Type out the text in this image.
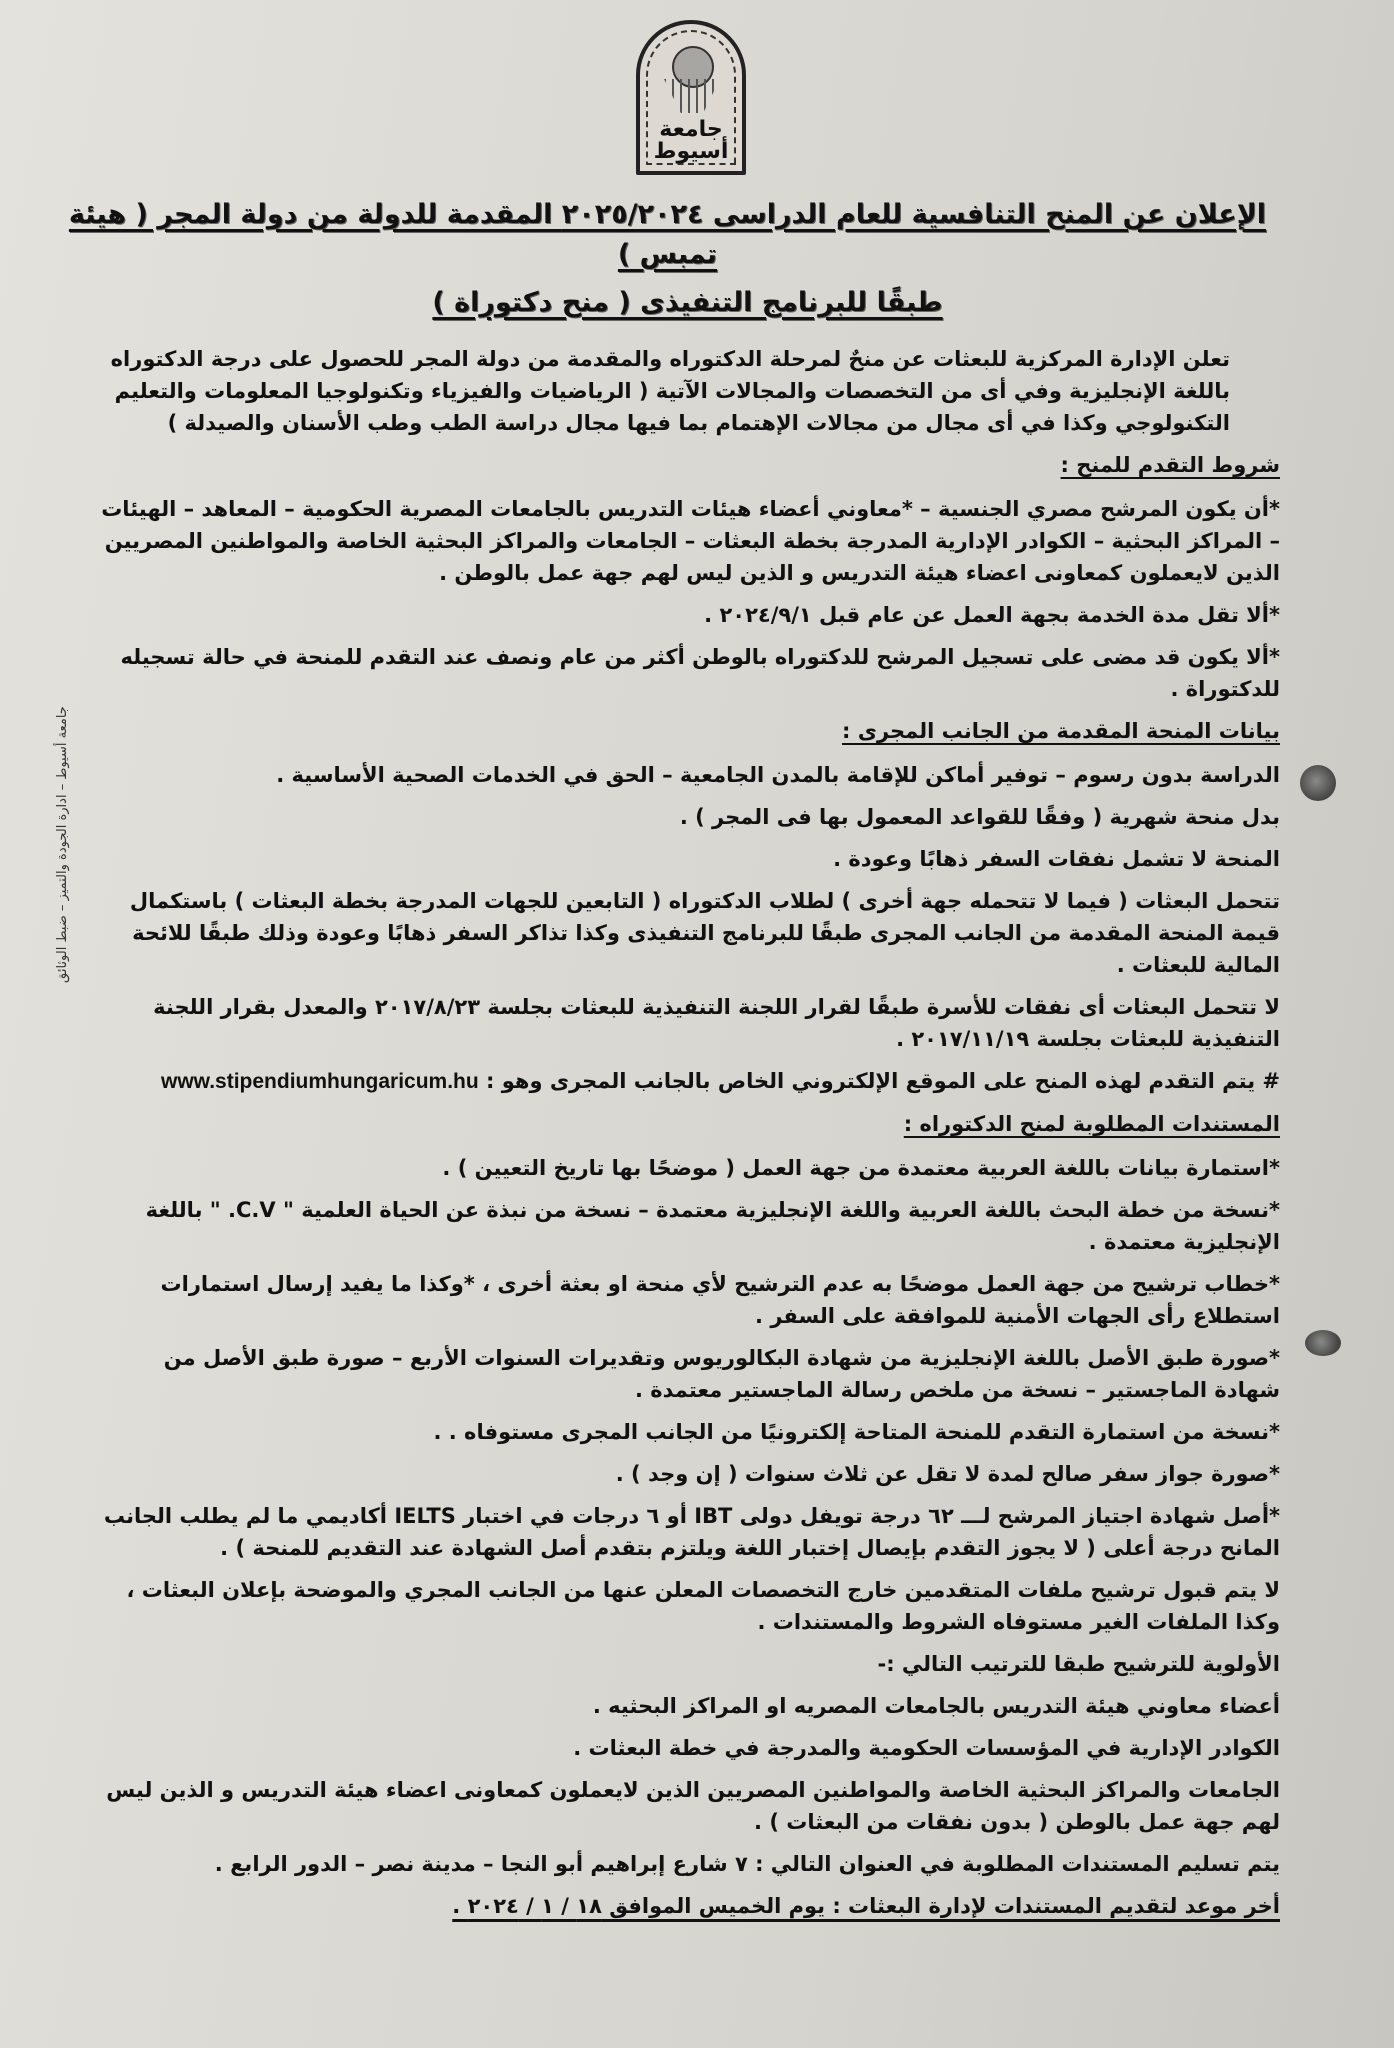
جامعة أسيوط
جامعة أسيوط – ادارة الجودة والتميز – ضبط الوثائق
الإعلان عن المنح التنافسية للعام الدراسى ٢٠٢٥/٢٠٢٤ المقدمة للدولة من دولة المجر ( هيئة تمبس )
طبقًا للبرنامج التنفيذى ( منح دكتوراة )

تعلن الإدارة المركزية للبعثات عن منحٌ لمرحلة الدكتوراه والمقدمة من دولة المجر للحصول على درجة الدكتوراه باللغة الإنجليزية وفي أى من التخصصات والمجالات الآتية ( الرياضيات والفيزياء وتكنولوجيا المعلومات والتعليم التكنولوجي وكذا في أى مجال من مجالات الإهتمام بما فيها مجال دراسة الطب وطب الأسنان والصيدلة )

شروط التقدم للمنح :

*أن يكون المرشح مصري الجنسية – *معاوني أعضاء هيئات التدريس بالجامعات المصرية الحكومية – المعاهد – الهيئات – المراكز البحثية – الكوادر الإدارية المدرجة بخطة البعثات – الجامعات والمراكز البحثية الخاصة والمواطنين المصريين الذين لايعملون كمعاونى اعضاء هيئة التدريس و الذين ليس لهم جهة عمل بالوطن .

*ألا تقل مدة الخدمة بجهة العمل عن عام قبل ٢٠٢٤/٩/١ .

*ألا يكون قد مضى على تسجيل المرشح للدكتوراه بالوطن أكثر من عام ونصف عند التقدم للمنحة في حالة تسجيله للدكتوراة .

بيانات المنحة المقدمة من الجانب المجرى :

الدراسة بدون رسوم – توفير أماكن للإقامة بالمدن الجامعية – الحق في الخدمات الصحية الأساسية .

بدل منحة شهرية ( وفقًا للقواعد المعمول بها فى المجر ) .

المنحة لا تشمل نفقات السفر ذهابًا وعودة .

تتحمل البعثات ( فيما لا تتحمله جهة أخرى ) لطلاب الدكتوراه ( التابعين للجهات المدرجة بخطة البعثات ) باستكمال قيمة المنحة المقدمة من الجانب المجرى طبقًا للبرنامج التنفيذى وكذا تذاكر السفر ذهابًا وعودة وذلك طبقًا للائحة المالية للبعثات .

لا تتحمل البعثات أى نفقات للأسرة طبقًا لقرار اللجنة التنفيذية للبعثات بجلسة ٢٠١٧/٨/٢٣ والمعدل بقرار اللجنة التنفيذية للبعثات بجلسة ٢٠١٧/١١/١٩ .

# يتم التقدم لهذه المنح على الموقع الإلكتروني الخاص بالجانب المجرى وهو : www.stipendiumhungaricum.hu

المستندات المطلوبة لمنح الدكتوراه :

*استمارة بيانات باللغة العربية معتمدة من جهة العمل ( موضحًا بها تاريخ التعيين ) .

*نسخة من خطة البحث باللغة العربية واللغة الإنجليزية معتمدة – نسخة من نبذة عن الحياة العلمية " C.V. " باللغة الإنجليزية معتمدة .

*خطاب ترشيح من جهة العمل موضحًا به عدم الترشيح لأي منحة او بعثة أخرى ، *وكذا ما يفيد إرسال استمارات استطلاع رأى الجهات الأمنية للموافقة على السفر .

*صورة طبق الأصل باللغة الإنجليزية من شهادة البكالوريوس وتقديرات السنوات الأربع – صورة طبق الأصل من شهادة الماجستير – نسخة من ملخص رسالة الماجستير معتمدة .

*نسخة من استمارة التقدم للمنحة المتاحة إلكترونيًا من الجانب المجرى مستوفاه . .

*صورة جواز سفر صالح لمدة لا تقل عن ثلاث سنوات ( إن وجد ) .

*أصل شهادة اجتياز المرشح لـــ ٦٢ درجة تويفل دولى IBT أو ٦ درجات في اختبار IELTS أكاديمي ما لم يطلب الجانب المانح درجة أعلى ( لا يجوز التقدم بإيصال إختبار اللغة ويلتزم بتقدم أصل الشهادة عند التقديم للمنحة ) .

لا يتم قبول ترشيح ملفات المتقدمين خارج التخصصات المعلن عنها من الجانب المجري والموضحة بإعلان البعثات ، وكذا الملفات الغير مستوفاه الشروط والمستندات .

الأولوية للترشيح طبقا للترتيب التالي :-

أعضاء معاوني هيئة التدريس بالجامعات المصريه او المراكز البحثيه .

الكوادر الإدارية في المؤسسات الحكومية والمدرجة في خطة البعثات .

الجامعات والمراكز البحثية الخاصة والمواطنين المصريين الذين لايعملون كمعاونى اعضاء هيئة التدريس و الذين ليس لهم جهة عمل بالوطن ( بدون نفقات من البعثات ) .

يتم تسليم المستندات المطلوبة في العنوان التالي : ٧ شارع إبراهيم أبو النجا – مدينة نصر – الدور الرابع .

أخر موعد لتقديم المستندات لإدارة البعثات : يوم الخميس الموافق ١٨ / ١ / ٢٠٢٤ .
